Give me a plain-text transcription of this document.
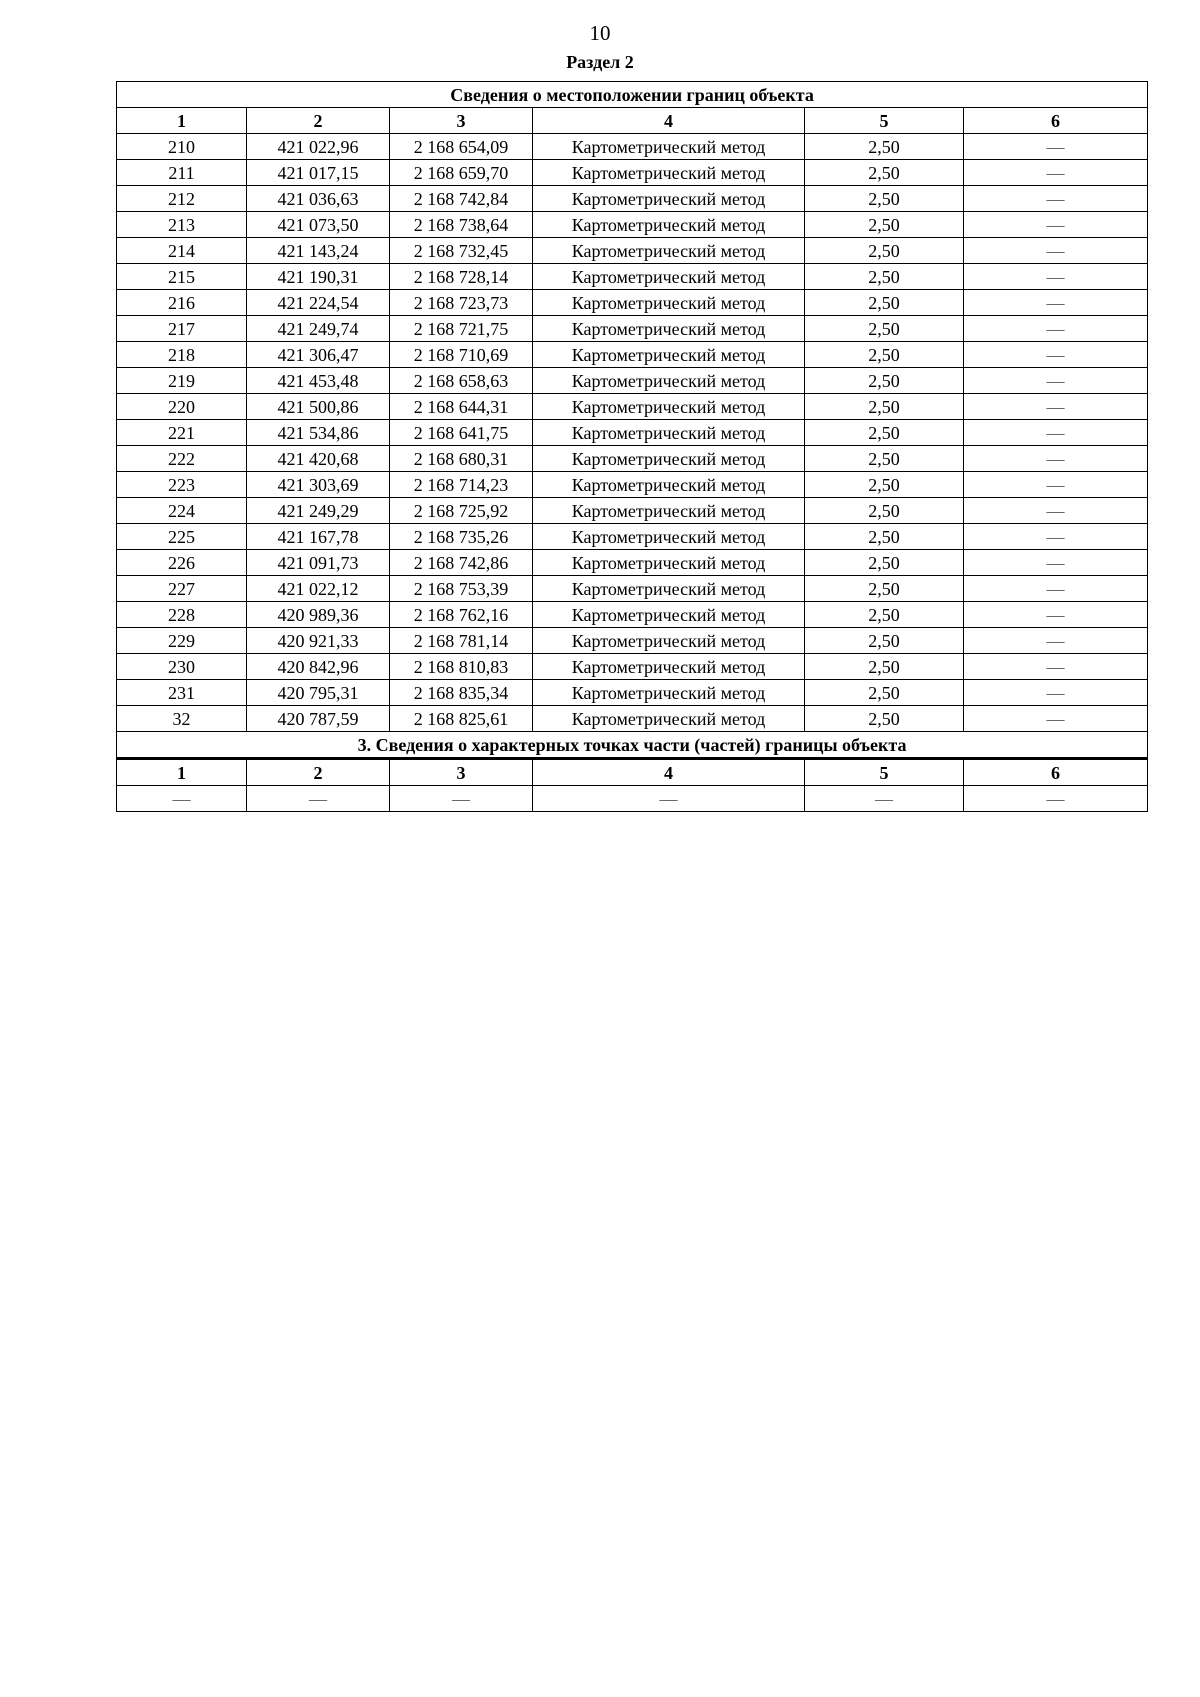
10
Раздел 2
Сведения о местоположении границ объекта					
1	2	3	4	5	6
210	421 022,96	2 168 654,09	Картометрический метод	2,50	—
211	421 017,15	2 168 659,70	Картометрический метод	2,50	—
212	421 036,63	2 168 742,84	Картометрический метод	2,50	—
213	421 073,50	2 168 738,64	Картометрический метод	2,50	—
214	421 143,24	2 168 732,45	Картометрический метод	2,50	—
215	421 190,31	2 168 728,14	Картометрический метод	2,50	—
216	421 224,54	2 168 723,73	Картометрический метод	2,50	—
217	421 249,74	2 168 721,75	Картометрический метод	2,50	—
218	421 306,47	2 168 710,69	Картометрический метод	2,50	—
219	421 453,48	2 168 658,63	Картометрический метод	2,50	—
220	421 500,86	2 168 644,31	Картометрический метод	2,50	—
221	421 534,86	2 168 641,75	Картометрический метод	2,50	—
222	421 420,68	2 168 680,31	Картометрический метод	2,50	—
223	421 303,69	2 168 714,23	Картометрический метод	2,50	—
224	421 249,29	2 168 725,92	Картометрический метод	2,50	—
225	421 167,78	2 168 735,26	Картометрический метод	2,50	—
226	421 091,73	2 168 742,86	Картометрический метод	2,50	—
227	421 022,12	2 168 753,39	Картометрический метод	2,50	—
228	420 989,36	2 168 762,16	Картометрический метод	2,50	—
229	420 921,33	2 168 781,14	Картометрический метод	2,50	—
230	420 842,96	2 168 810,83	Картометрический метод	2,50	—
231	420 795,31	2 168 835,34	Картометрический метод	2,50	—
32	420 787,59	2 168 825,61	Картометрический метод	2,50	—
3. Сведения о характерных точках части (частей) границы объекта					
1	2	3	4	5	6
—	—	—	—	—	—
